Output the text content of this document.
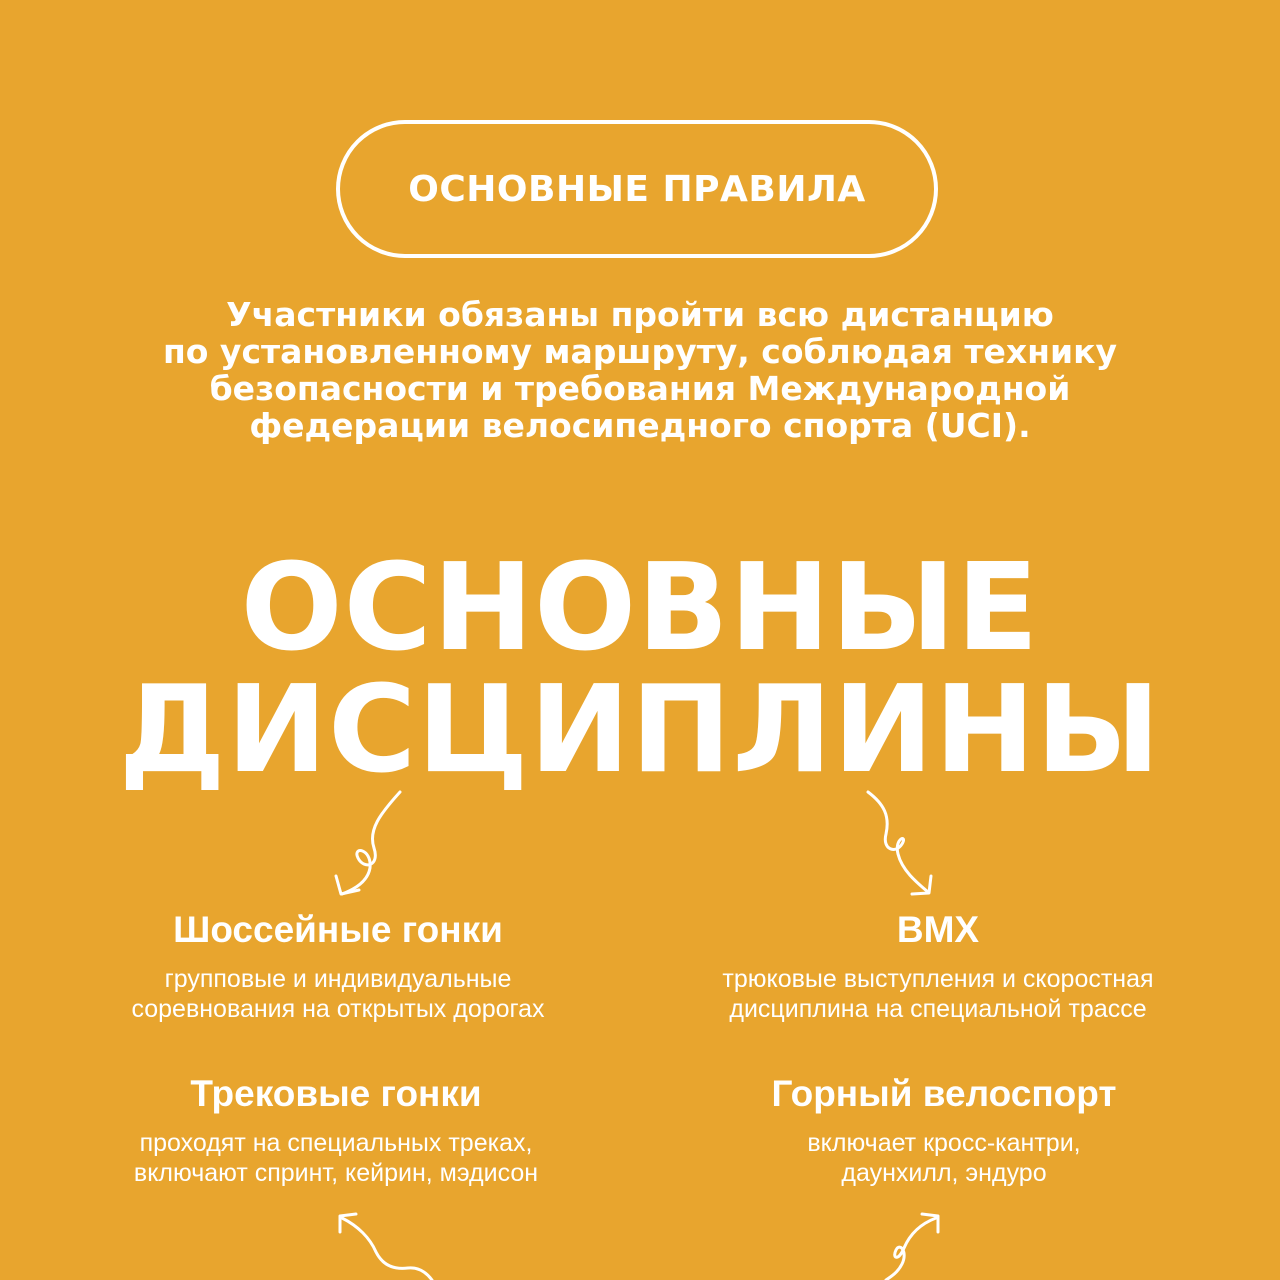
ОСНОВНЫЕ ПРАВИЛА

Участники обязаны пройти всю дистанцию
по установленному маршруту, соблюдая технику
безопасности и требования Международной
федерации велосипедного спорта (UCI).

ОСНОВНЫЕ
ДИСЦИПЛИНЫ
Шоссейные гонки
групповые и индивидуальные
соревнования на открытых дорогах
BMX
трюковые выступления и скоростная
дисциплина на специальной трассе
Трековые гонки
проходят на специальных треках,
включают спринт, кейрин, мэдисон
Горный велоспорт
включает кросс-кантри,
даунхилл, эндуро
